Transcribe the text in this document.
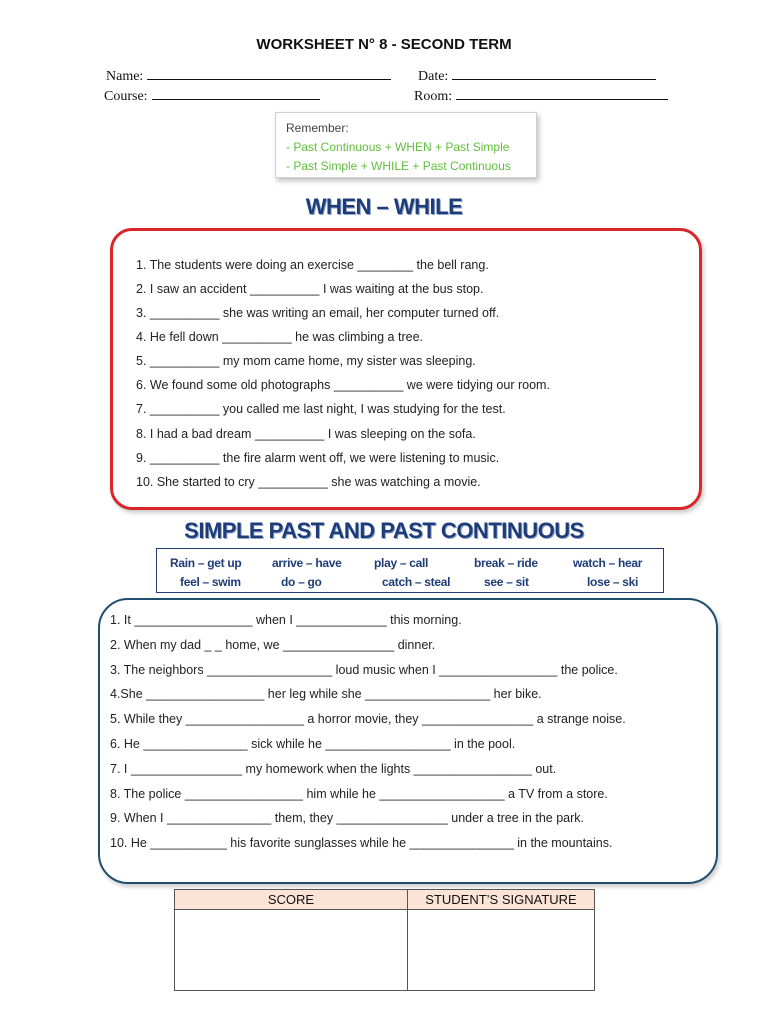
WORKSHEET N° 8 - SECOND TERM
Name:	Date:
Course:	Room:
Remember:
- Past Continuous + WHEN + Past Simple
- Past Simple + WHILE + Past Continuous
WHEN – WHILE
1. The students were doing an exercise ________ the bell rang.
2. I saw an accident __________ I was waiting at the bus stop.
3. __________ she was writing an email, her computer turned off.
4. He fell down __________ he was climbing a tree.
5. __________ my mom came home, my sister was sleeping.
6. We found some old photographs __________ we were tidying our room.
7. __________ you called me last night, I was studying for the test.
8. I had a bad dream __________ I was sleeping on the sofa.
9. __________ the fire alarm went off, we were listening to music.
10. She started to cry __________ she was watching a movie.
SIMPLE PAST AND PAST CONTINUOUS
Rain – get up	arrive – have	play – call	break – ride	watch – hear
feel – swim	do – go	catch – steal	see – sit	lose – ski
1. It _________________ when I _____________ this morning.
2. When my dad _ _ home, we ________________ dinner.
3. The neighbors __________________ loud music when I _________________ the police.
4.She _________________ her leg while she __________________ her bike.
5. While they _________________ a horror movie, they ________________ a strange noise.
6. He _______________ sick while he __________________ in the pool.
7. I ________________ my homework when the lights _________________ out.
8. The police _________________ him while he __________________ a TV from a store.
9. When I _______________ them, they ________________ under a tree in the park.
10. He ___________ his favorite sunglasses while he _______________ in the mountains.
SCORE	STUDENT’S SIGNATURE
